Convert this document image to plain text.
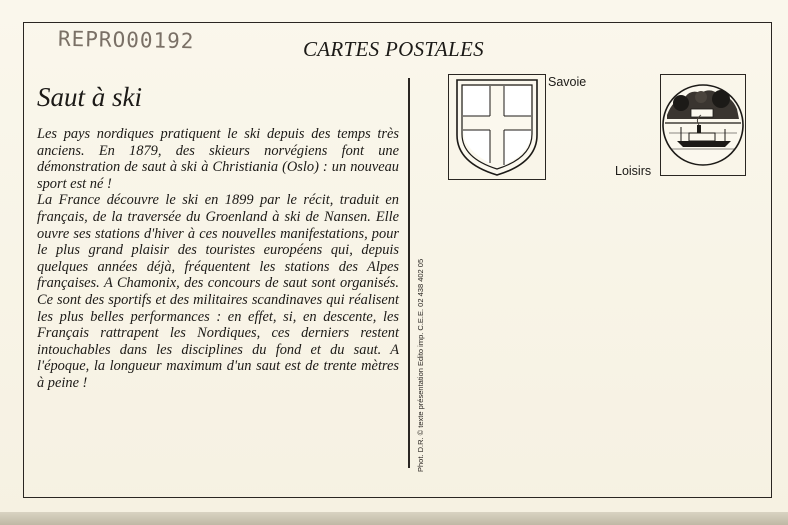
REPRO00192	CARTES POSTALES
Saut à ski

Les pays nordiques pratiquent le ski depuis des temps très anciens. En 1879, des skieurs norvégiens font une démonstration de saut à ski à Christiania (Oslo) : un nouveau sport est né !

La France découvre le ski en 1899 par le récit, traduit en français, de la traversée du Groenland à ski de Nansen. Elle ouvre ses stations d'hiver à ces nouvelles manifestations, pour le plus grand plaisir des touristes européens qui, depuis quelques années déjà, fréquentent les stations des Alpes françaises. A Chamonix, des concours de saut sont organisés. Ce sont des sportifs et des militaires scandinaves qui réalisent les plus belles performances : en effet, si, en descente, les Français rattrapent les Nordiques, ces derniers restent intouchables dans les disciplines du fond et du saut. A l'époque, la longueur maximum d'un saut est de trente mètres à peine !	Phot. D.R. © texte présentation Edito imp. C.E.E. 02 438 402 05
Savoie
Loisirs
